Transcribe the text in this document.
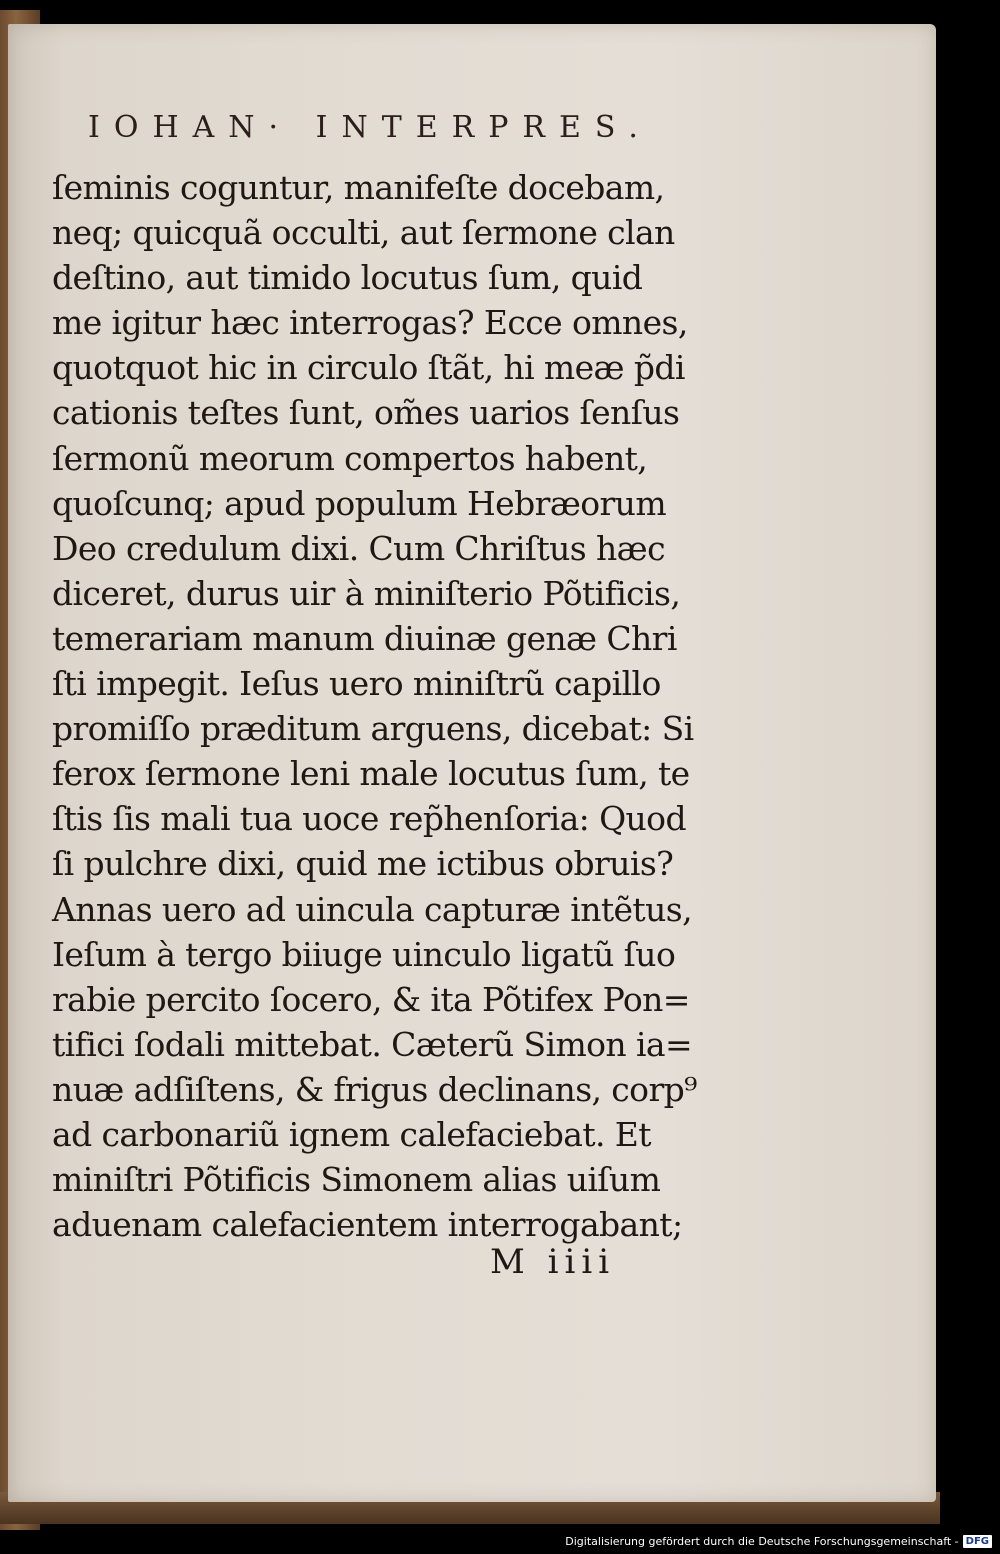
IOHAN· INTERPRES.
ſeminis coguntur, manifeſte docebam,
neq; quicquã occulti, aut ſermone clan
deſtino, aut timido locutus ſum, quid
me igitur hæc interrogas? Ecce omnes,
quotquot hic in circulo ſtãt, hi meæ p̃di
cationis teſtes ſunt, om̃es uarios ſenſus
ſermonũ meorum compertos habent,
quoſcunq; apud populum Hebræorum
Deo credulum dixi. Cum Chriſtus hæc
diceret, durus uir à miniſterio Põtificis,
temerariam manum diuinæ genæ Chri
ſti impegit. Ieſus uero miniſtrũ capillo
promiſſo præditum arguens, dicebat: Si
ferox ſermone leni male locutus ſum, te
ſtis ſis mali tua uoce rep̃henſoria: Quod
ſi pulchre dixi, quid me ictibus obruis?
Annas uero ad uincula capturæ intẽtus,
Ieſum à tergo biiuge uinculo ligatũ ſuo
rabie percito ſocero, & ita Põtifex Pon=
tifici ſodali mittebat. Cæterũ Simon ia=
nuæ adſiſtens, & frigus declinans, corp⁹
ad carbonariũ ignem calefaciebat. Et
miniſtri Põtificis Simonem alias uiſum
aduenam calefacientem interrogabant;
M iiii
Digitalisierung gefördert durch die Deutsche Forschungsgemeinschaft - DFG
